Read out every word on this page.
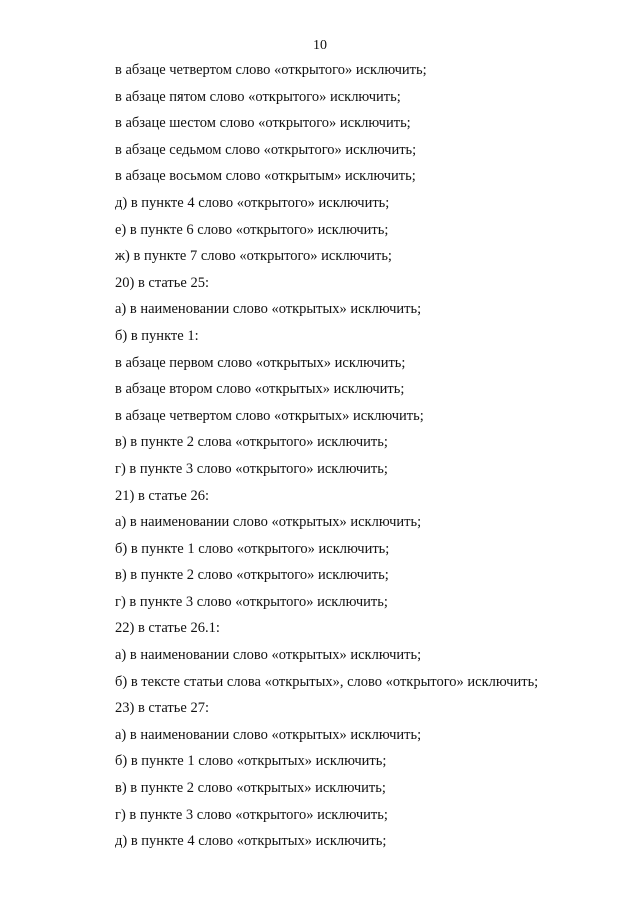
10
в абзаце четвертом слово «открытого» исключить;
в абзаце пятом слово «открытого» исключить;
в абзаце шестом слово «открытого» исключить;
в абзаце седьмом слово «открытого» исключить;
в абзаце восьмом слово «открытым» исключить;
д) в пункте 4 слово «открытого» исключить;
е) в пункте 6 слово «открытого» исключить;
ж) в пункте 7 слово «открытого» исключить;
20) в статье 25:
а) в наименовании слово «открытых» исключить;
б) в пункте 1:
в абзаце первом слово «открытых» исключить;
в абзаце втором слово «открытых» исключить;
в абзаце четвертом слово «открытых» исключить;
в) в пункте 2 слова «открытого» исключить;
г) в пункте 3 слово «открытого» исключить;
21) в статье 26:
а) в наименовании слово «открытых» исключить;
б) в пункте 1 слово «открытого» исключить;
в) в пункте 2 слово «открытого» исключить;
г) в пункте 3 слово «открытого» исключить;
22) в статье 26.1:
а) в наименовании слово «открытых» исключить;
б) в тексте статьи слова «открытых», слово «открытого» исключить;
23) в статье 27:
а) в наименовании слово «открытых» исключить;
б) в пункте 1 слово «открытых» исключить;
в) в пункте 2 слово «открытых» исключить;
г) в пункте 3 слово «открытого» исключить;
д) в пункте 4 слово «открытых» исключить;
